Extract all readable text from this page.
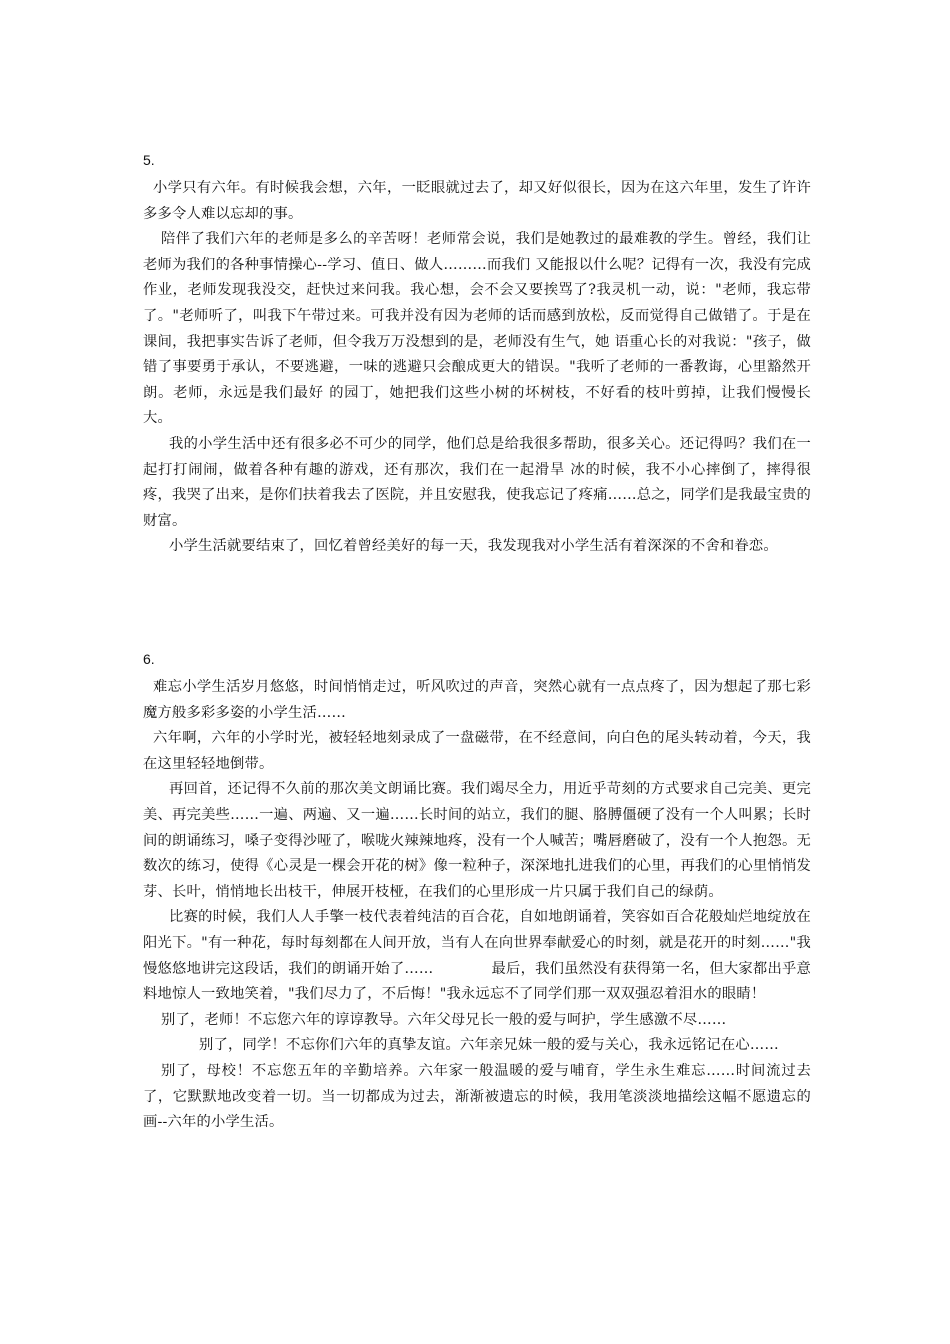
5.

小学只有六年。有时候我会想，六年，一眨眼就过去了，却又好似很长，因为在这六年里，发生了许许多多令人难以忘却的事。

陪伴了我们六年的老师是多么的辛苦呀！老师常会说，我们是她教过的最难教的学生。曾经，我们让老师为我们的各种事情操心--学习、值日、做人………而我们 又能报以什么呢？记得有一次，我没有完成作业，老师发现我没交，赶快过来问我。我心想，会不会又要挨骂了?我灵机一动，说："老师，我忘带了。"老师听了，叫我下午带过来。可我并没有因为老师的话而感到放松，反而觉得自己做错了。于是在课间，我把事实告诉了老师，但令我万万没想到的是，老师没有生气，她 语重心长的对我说："孩子，做错了事要勇于承认，不要逃避，一味的逃避只会酿成更大的错误。"我听了老师的一番教诲，心里豁然开朗。老师，永远是我们最好 的园丁，她把我们这些小树的坏树枝，不好看的枝叶剪掉，让我们慢慢长大。

我的小学生活中还有很多必不可少的同学，他们总是给我很多帮助，很多关心。还记得吗？我们在一起打打闹闹，做着各种有趣的游戏，还有那次，我们在一起滑旱 冰的时候，我不小心摔倒了，摔得很疼，我哭了出来，是你们扶着我去了医院，并且安慰我，使我忘记了疼痛……总之，同学们是我最宝贵的财富。

小学生活就要结束了，回忆着曾经美好的每一天，我发现我对小学生活有着深深的不舍和眷恋。

6.

难忘小学生活岁月悠悠，时间悄悄走过，听风吹过的声音，突然心就有一点点疼了，因为想起了那七彩魔方般多彩多姿的小学生活……

六年啊，六年的小学时光，被轻轻地刻录成了一盘磁带，在不经意间，向白色的尾头转动着，今天，我在这里轻轻地倒带。

再回首，还记得不久前的那次美文朗诵比赛。我们竭尽全力，用近乎苛刻的方式要求自己完美、更完美、再完美些……一遍、两遍、又一遍……长时间的站立，我们的腿、胳膊僵硬了没有一个人叫累；长时间的朗诵练习，嗓子变得沙哑了，喉咙火辣辣地疼，没有一个人喊苦；嘴唇磨破了，没有一个人抱怨。无数次的练习，使得《心灵是一棵会开花的树》像一粒种子，深深地扎进我们的心里，再我们的心里悄悄发芽、长叶，悄悄地长出枝干，伸展开枝桠，在我们的心里形成一片只属于我们自己的绿荫。

比赛的时候，我们人人手擎一枝代表着纯洁的百合花，自如地朗诵着，笑容如百合花般灿烂地绽放在阳光下。"有一种花，每时每刻都在人间开放，当有人在向世界奉献爱心的时刻，就是花开的时刻……"我慢悠悠地讲完这段话，我们的朗诵开始了……　　　　最后，我们虽然没有获得第一名，但大家都出乎意料地惊人一致地笑着，"我们尽力了，不后悔！"我永远忘不了同学们那一双双强忍着泪水的眼睛！

别了，老师！不忘您六年的谆谆教导。六年父母兄长一般的爱与呵护，学生感激不尽……

别了，同学！不忘你们六年的真挚友谊。六年亲兄妹一般的爱与关心，我永远铭记在心……

别了，母校！不忘您五年的辛勤培养。六年家一般温暖的爱与哺育，学生永生难忘……时间流过去了，它默默地改变着一切。当一切都成为过去，渐渐被遗忘的时候，我用笔淡淡地描绘这幅不愿遗忘的画--六年的小学生活。
